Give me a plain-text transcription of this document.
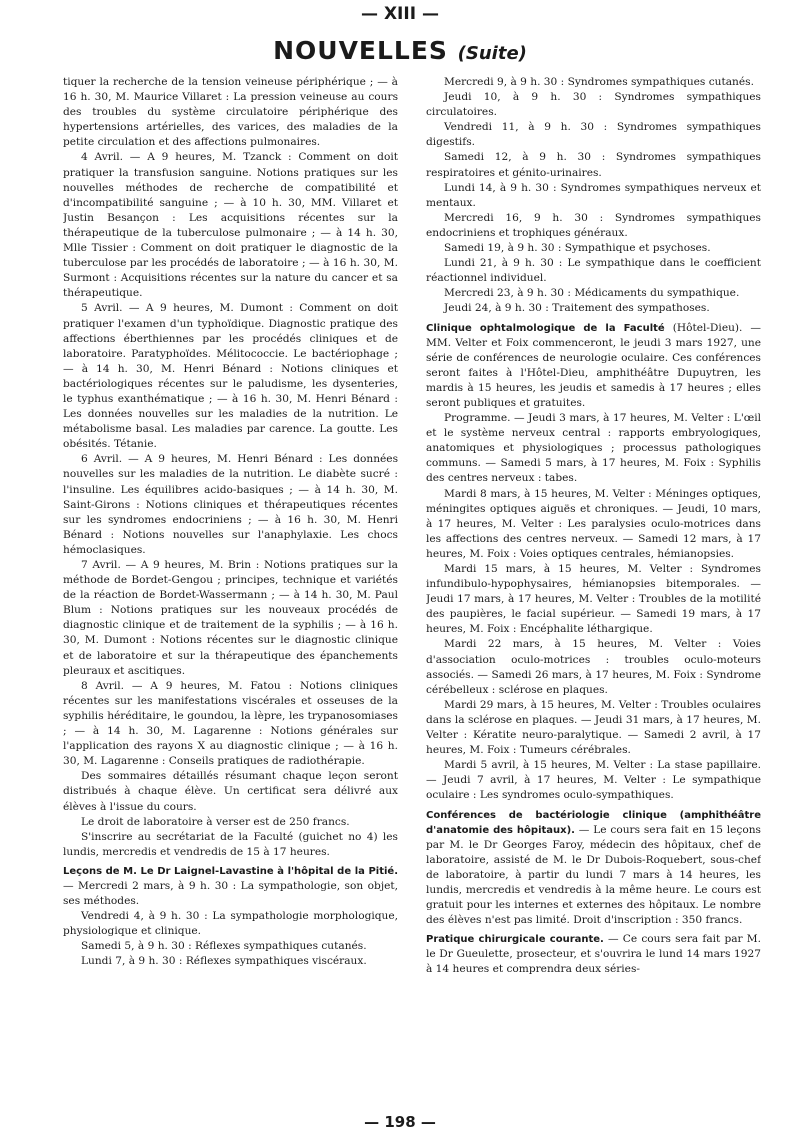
— XIII —
NOUVELLES (Suite)

tiquer la recherche de la tension veineuse périphérique ; — à 16 h. 30, M. Maurice Villaret : La pression veineuse au cours des troubles du système circulatoire périphérique des hypertensions artérielles, des varices, des maladies de la petite circulation et des affections pulmonaires.

4 Avril. — A 9 heures, M. Tzanck : Comment on doit pratiquer la transfusion sanguine. Notions pratiques sur les nouvelles méthodes de recherche de compatibilité et d'incompatibilité sanguine ; — à 10 h. 30, MM. Villaret et Justin Besançon : Les acquisitions récentes sur la thérapeutique de la tuberculose pulmonaire ; — à 14 h. 30, Mlle Tissier : Comment on doit pratiquer le diagnostic de la tuberculose par les procédés de laboratoire ; — à 16 h. 30, M. Surmont : Acquisitions récentes sur la nature du cancer et sa thérapeutique.

5 Avril. — A 9 heures, M. Dumont : Comment on doit pratiquer l'examen d'un typhoïdique. Diagnostic pratique des affections éberthiennes par les procédés cliniques et de laboratoire. Paratyphoïdes. Mélitococcie. Le bactériophage ; — à 14 h. 30, M. Henri Bénard : Notions cliniques et bactériologiques récentes sur le paludisme, les dysenteries, le typhus exanthématique ; — à 16 h. 30, M. Henri Bénard : Les données nouvelles sur les maladies de la nutrition. Le métabolisme basal. Les maladies par carence. La goutte. Les obésités. Tétanie.

6 Avril. — A 9 heures, M. Henri Bénard : Les données nouvelles sur les maladies de la nutrition. Le diabète sucré : l'insuline. Les équilibres acido-basiques ; — à 14 h. 30, M. Saint-Girons : Notions cliniques et thérapeutiques récentes sur les syndromes endocriniens ; — à 16 h. 30, M. Henri Bénard : Notions nouvelles sur l'anaphylaxie. Les chocs hémoclasiques.

7 Avril. — A 9 heures, M. Brin : Notions pratiques sur la méthode de Bordet-Gengou ; principes, technique et variétés de la réaction de Bordet-Wassermann ; — à 14 h. 30, M. Paul Blum : Notions pratiques sur les nouveaux procédés de diagnostic clinique et de traitement de la syphilis ; — à 16 h. 30, M. Dumont : Notions récentes sur le diagnostic clinique et de laboratoire et sur la thérapeutique des épanchements pleuraux et ascitiques.

8 Avril. — A 9 heures, M. Fatou : Notions cliniques récentes sur les manifestations viscérales et osseuses de la syphilis héréditaire, le goundou, la lèpre, les trypanosomiases ; — à 14 h. 30, M. Lagarenne : Notions générales sur l'application des rayons X au diagnostic clinique ; — à 16 h. 30, M. Lagarenne : Conseils pratiques de radiothérapie.

Des sommaires détaillés résumant chaque leçon seront distribués à chaque élève. Un certificat sera délivré aux élèves à l'issue du cours.

Le droit de laboratoire à verser est de 250 francs.

S'inscrire au secrétariat de la Faculté (guichet no 4) les lundis, mercredis et vendredis de 15 à 17 heures.

Leçons de M. Le Dr Laignel-Lavastine à l'hôpital de la Pitié. — Mercredi 2 mars, à 9 h. 30 : La sympathologie, son objet, ses méthodes.

Vendredi 4, à 9 h. 30 : La sympathologie morphologique, physiologique et clinique.

Samedi 5, à 9 h. 30 : Réflexes sympathiques cutanés.

Lundi 7, à 9 h. 30 : Réflexes sympathiques viscéraux.

Mercredi 9, à 9 h. 30 : Syndromes sympathiques cutanés.

Jeudi 10, à 9 h. 30 : Syndromes sympathiques circulatoires.

Vendredi 11, à 9 h. 30 : Syndromes sympathiques digestifs.

Samedi 12, à 9 h. 30 : Syndromes sympathiques respiratoires et génito-urinaires.

Lundi 14, à 9 h. 30 : Syndromes sympathiques nerveux et mentaux.

Mercredi 16, 9 h. 30 : Syndromes sympathiques endocriniens et trophiques généraux.

Samedi 19, à 9 h. 30 : Sympathique et psychoses.

Lundi 21, à 9 h. 30 : Le sympathique dans le coefficient réactionnel individuel.

Mercredi 23, à 9 h. 30 : Médicaments du sympathique.

Jeudi 24, à 9 h. 30 : Traitement des sympathoses.

Clinique ophtalmologique de la Faculté (Hôtel-Dieu). — MM. Velter et Foix commenceront, le jeudi 3 mars 1927, une série de conférences de neurologie oculaire. Ces conférences seront faites à l'Hôtel-Dieu, amphithéâtre Dupuytren, les mardis à 15 heures, les jeudis et samedis à 17 heures ; elles seront publiques et gratuites.

Programme. — Jeudi 3 mars, à 17 heures, M. Velter : L'œil et le système nerveux central : rapports embryologiques, anatomiques et physiologiques ; processus pathologiques communs. — Samedi 5 mars, à 17 heures, M. Foix : Syphilis des centres nerveux : tabes.

Mardi 8 mars, à 15 heures, M. Velter : Méninges optiques, méningites optiques aiguës et chroniques. — Jeudi, 10 mars, à 17 heures, M. Velter : Les paralysies oculo-motrices dans les affections des centres nerveux. — Samedi 12 mars, à 17 heures, M. Foix : Voies optiques centrales, hémianopsies.

Mardi 15 mars, à 15 heures, M. Velter : Syndromes infundibulo-hypophysaires, hémianopsies bitemporales. — Jeudi 17 mars, à 17 heures, M. Velter : Troubles de la motilité des paupières, le facial supérieur. — Samedi 19 mars, à 17 heures, M. Foix : Encéphalite léthargique.

Mardi 22 mars, à 15 heures, M. Velter : Voies d'association oculo-motrices : troubles oculo-moteurs associés. — Samedi 26 mars, à 17 heures, M. Foix : Syndrome cérébelleux : sclérose en plaques.

Mardi 29 mars, à 15 heures, M. Velter : Troubles oculaires dans la sclérose en plaques. — Jeudi 31 mars, à 17 heures, M. Velter : Kératite neuro-paralytique. — Samedi 2 avril, à 17 heures, M. Foix : Tumeurs cérébrales.

Mardi 5 avril, à 15 heures, M. Velter : La stase papillaire. — Jeudi 7 avril, à 17 heures, M. Velter : Le sympathique oculaire : Les syndromes oculo-sympathiques.

Conférences de bactériologie clinique (amphithéâtre d'anatomie des hôpitaux). — Le cours sera fait en 15 leçons par M. le Dr Georges Faroy, médecin des hôpitaux, chef de laboratoire, assisté de M. le Dr Dubois-Roquebert, sous-chef de laboratoire, à partir du lundi 7 mars à 14 heures, les lundis, mercredis et vendredis à la même heure. Le cours est gratuit pour les internes et externes des hôpitaux. Le nombre des élèves n'est pas limité. Droit d'inscription : 350 francs.

Pratique chirurgicale courante. — Ce cours sera fait par M. le Dr Gueulette, prosecteur, et s'ouvrira le lund 14 mars 1927 à 14 heures et comprendra deux séries-

— 198 —
